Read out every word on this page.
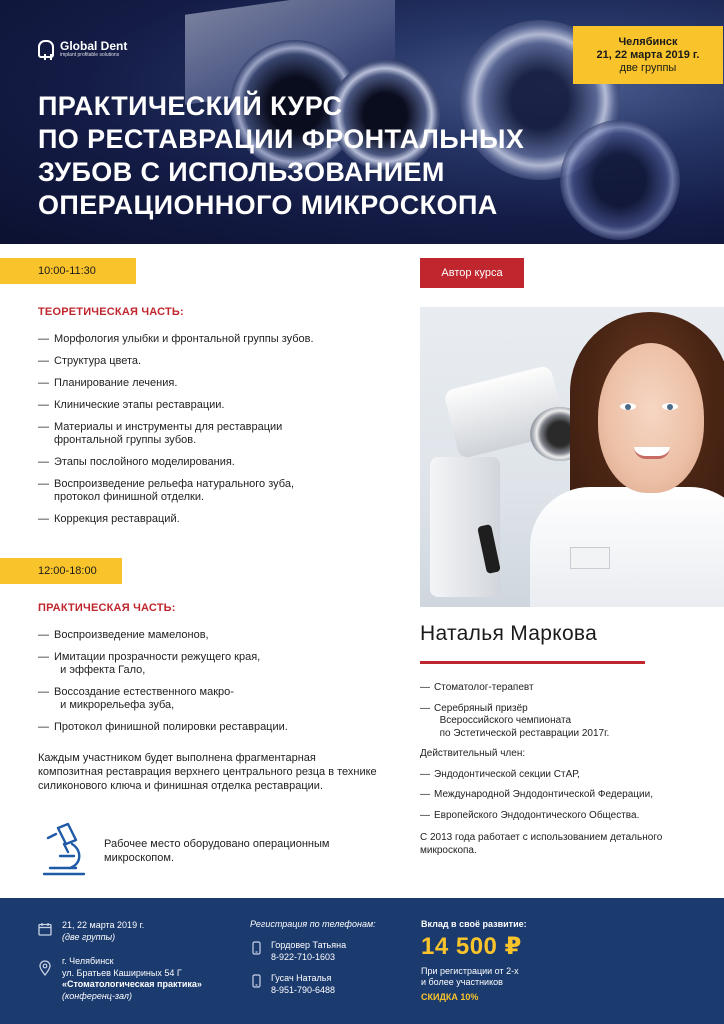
Global Dent
implant profitable solutions
ПРАКТИЧЕСКИЙ КУРС
ПО РЕСТАВРАЦИИ ФРОНТАЛЬНЫХ
ЗУБОВ С ИСПОЛЬЗОВАНИЕМ
ОПЕРАЦИОННОГО МИКРОСКОПА
Челябинск
21, 22 марта 2019 г.
две группы
10:00-11:30
ТЕОРЕТИЧЕСКАЯ ЧАСТЬ:
— Морфология улыбки и фронтальной группы зубов.
— Структура цвета.
— Планирование лечения.
— Клинические этапы реставрации.
— Материалы и инструменты для реставрации
фронтальной группы зубов.
— Этапы послойного моделирования.
— Воспроизведение рельефа натурального зуба,
протокол финишной отделки.
— Коррекция реставраций.
12:00-18:00
ПРАКТИЧЕСКАЯ ЧАСТЬ:
— Воспроизведение мамелонов,
— Имитации прозрачности режущего края,
и эффекта Гало,
— Воссоздание естественного макро-
и микрорельефа зуба,
— Протокол финишной полировки реставрации.
Каждым участником будет выполнена фрагментарная композитная реставрация верхнего центрального резца в технике силиконового ключа и финишная отделка реставрации.
Рабочее место оборудовано операционным микроскопом.
Автор курса
Наталья Маркова
— Стоматолог-терапевт
— Серебряный призёр
Всероссийского чемпионата
по Эстетической реставрации 2017г.
Действительный член:
— Эндодонтической секции СтАР,
— Международной Эндодонтической Федерации,
— Европейского Эндодонтического Общества.
С 2013 года работает с использованием детального микроскопа.
21, 22 марта 2019 г.
(две группы)
г. Челябинск
ул. Братьев Кашириных 54 Г
«Стоматологическая практика»
(конференц-зал)
Регистрация по телефонам:
Гордовер Татьяна
8-922-710-1603
Гусач Наталья
8-951-790-6488
Вклад в своё развитие:
14 500 ₽
При регистрации от 2-х
и более участников
СКИДКА 10%
